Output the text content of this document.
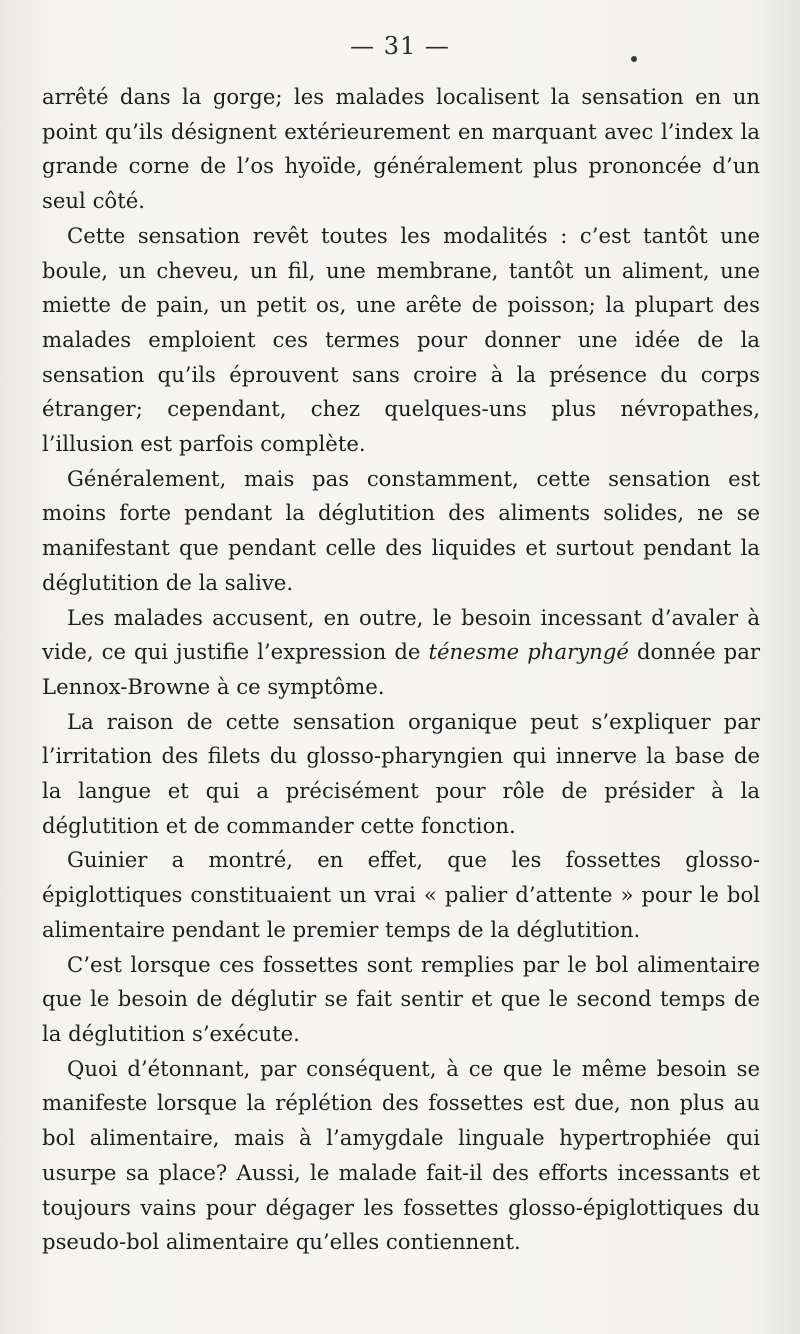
— 31 —

arrêté dans la gorge; les malades localisent la sensation en un point qu’ils désignent extérieurement en marquant avec l’index la grande corne de l’os hyoïde, généralement plus prononcée d’un seul côté.

Cette sensation revêt toutes les modalités : c’est tantôt une boule, un cheveu, un fil, une membrane, tantôt un aliment, une miette de pain, un petit os, une arête de poisson; la plupart des malades emploient ces termes pour donner une idée de la sensation qu’ils éprouvent sans croire à la présence du corps étranger; cependant, chez quelques-uns plus névropathes, l’illusion est parfois complète.

Généralement, mais pas constamment, cette sensation est moins forte pendant la déglutition des aliments solides, ne se manifestant que pendant celle des liquides et surtout pendant la déglutition de la salive.

Les malades accusent, en outre, le besoin incessant d’avaler à vide, ce qui justifie l’expression de ténesme pharyngé donnée par Lennox-Browne à ce symptôme.

La raison de cette sensation organique peut s’expliquer par l’irritation des filets du glosso-pharyngien qui innerve la base de la langue et qui a précisément pour rôle de présider à la déglutition et de commander cette fonction.

Guinier a montré, en effet, que les fossettes glosso-épiglottiques constituaient un vrai « palier d’attente » pour le bol alimentaire pendant le premier temps de la déglutition.

C’est lorsque ces fossettes sont remplies par le bol alimentaire que le besoin de déglutir se fait sentir et que le second temps de la déglutition s’exécute.

Quoi d’étonnant, par conséquent, à ce que le même besoin se manifeste lorsque la réplétion des fossettes est due, non plus au bol alimentaire, mais à l’amygdale linguale hypertrophiée qui usurpe sa place? Aussi, le malade fait-il des efforts incessants et toujours vains pour dégager les fossettes glosso-épiglottiques du pseudo-bol alimentaire qu’elles contiennent.
